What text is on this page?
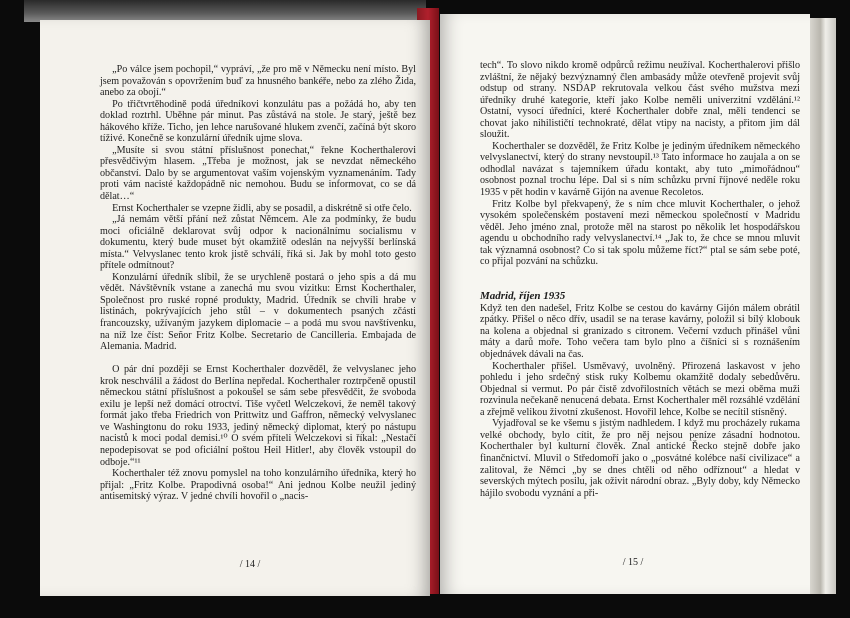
„Po válce jsem pochopil,“ vypráví, „že pro mě v Německu není místo. Byl jsem považován s opovržením buď za hnusného bankéře, nebo za zlého Žida, anebo za obojí.“

Po třičtvrtěhodině podá úředníkovi konzulátu pas a požádá ho, aby ten doklad roztrhl. Uběhne pár minut. Pas zůstává na stole. Je starý, ještě bez hákového kříže. Ticho, jen lehce narušované hlukem zvenčí, začíná být skoro tíživé. Konečně se konzulární úředník ujme slova.

„Musíte si svou státní příslušnost ponechat,“ řekne Kocherthalerovi přesvědčivým hlasem. „Třeba je možnost, jak se nevzdat německého občanství. Dalo by se argumentovat vaším vojenským vyznamenáním. Tady proti vám nacisté každopádně nic nemohou. Budu se informovat, co se dá dělat…“

Ernst Kocherthaler se vzepne židli, aby se posadil, a diskrétně si otře čelo.

„Já nemám větší přání než zůstat Němcem. Ale za podmínky, že budu moci oficiálně deklarovat svůj odpor k nacionálnímu socialismu v dokumentu, který bude muset být okamžitě odeslán na nejvyšší berlínská místa.“ Velvyslanec tento krok jistě schválí, říká si. Jak by mohl toto gesto přítele odmítnout?

Konzulární úředník slíbil, že se urychleně postará o jeho spis a dá mu vědět. Návštěvník vstane a zanechá mu svou vizitku: Ernst Kocherthaler, Společnost pro ruské ropné produkty, Madrid. Úředník se chvíli hrabe v listinách, pokrývajících jeho stůl – v dokumentech psaných zčásti francouzsky, užívaným jazykem diplomacie – a podá mu svou navštívenku, na níž lze číst: Señor Fritz Kolbe. Secretario de Cancilleria. Embajada de Alemania. Madrid.

O pár dní později se Ernst Kocherthaler dozvěděl, že velvyslanec jeho krok neschválil a žádost do Berlína nepředal. Kocherthaler roztrpčeně opustil německou státní příslušnost a pokoušel se sám sebe přesvědčit, že svoboda exilu je lepší než domácí otroctví. Tiše vyčetl Welczekovi, že neměl takový formát jako třeba Friedrich von Prittwitz und Gaffron, německý velvyslanec ve Washingtonu do roku 1933, jediný německý diplomat, který po nástupu nacistů k moci podal demisi.¹⁰ O svém příteli Welczekovi si říkal: „Nestačí nepodepisovat se pod oficiální poštou Heil Hitler!, aby člověk vstoupil do odboje.“¹¹

Kocherthaler též znovu pomyslel na toho konzulárního úředníka, který ho přijal: „Fritz Kolbe. Prapodivná osoba!“ Ani jednou Kolbe neužil jediný antisemitský výraz. V jedné chvíli hovořil o „nacis-

/ 14 /

tech“. To slovo nikdo kromě odpůrců režimu neužíval. Kocherthalerovi přišlo zvláštní, že nějaký bezvýznamný člen ambasády může otevřeně projevit svůj odstup od strany. NSDAP rekrutovala velkou část svého mužstva mezi úředníky druhé kategorie, kteří jako Kolbe neměli univerzitní vzdělání.¹² Ostatní, vysocí úředníci, které Kocherthaler dobře znal, měli tendenci se chovat jako nihilističtí technokraté, dělat vtipy na nacisty, a přitom jim dál sloužit.

Kocherthaler se dozvěděl, že Fritz Kolbe je jediným úředníkem německého velvyslanectví, který do strany nevstoupil.¹³ Tato informace ho zaujala a on se odhodlal navázat s tajemníkem úřadu kontakt, aby tuto „mimořádnou“ osobnost poznal trochu lépe. Dal si s ním schůzku první říjnové neděle roku 1935 v pět hodin v kavárně Gijón na avenue Recoletos.

Fritz Kolbe byl překvapený, že s ním chce mluvit Kocherthaler, o jehož vysokém společenském postavení mezi německou společností v Madridu věděl. Jeho jméno znal, protože měl na starost po několik let hospodářskou agendu u obchodního rady velvyslanectví.¹⁴ „Jak to, že chce se mnou mluvit tak významná osobnost? Co si tak spolu můžeme říct?“ ptal se sám sebe poté, co přijal pozvání na schůzku.

Madrid, říjen 1935

Když ten den nadešel, Fritz Kolbe se cestou do kavárny Gijón málem obrátil zpátky. Přišel o něco dřív, usadil se na terase kavárny, položil si bílý klobouk na kolena a objednal si granizado s citronem. Večerní vzduch přinášel vůni máty a darů moře. Toho večera tam bylo plno a číšníci si s roznášením objednávek dávali na čas.

Kocherthaler přišel. Usměvavý, uvolněný. Přirozená laskavost v jeho pohledu i jeho srdečný stisk ruky Kolbemu okamžitě dodaly sebedůvěru. Objednal si vermut. Po pár čistě zdvořilostních větách se mezi oběma muži rozvinula nečekaně nenucená debata. Ernst Kocherthaler měl rozsáhlé vzdělání a zřejmě velikou životní zkušenost. Hovořil lehce, Kolbe se necítil stísněný.

Vyjadřoval se ke všemu s jistým nadhledem. I když mu procházely rukama velké obchody, bylo cítit, že pro něj nejsou peníze zásadní hodnotou. Kocherthaler byl kulturní člověk. Znal antické Řecko stejně dobře jako finančnictví. Mluvil o Středomoří jako o „posvátné kolébce naší civilizace“ a zalitoval, že Němci „by se dnes chtěli od něho odříznout“ a hledat v severských mýtech posilu, jak oživit národní obraz. „Byly doby, kdy Německo hájilo svobodu vyznání a při-

/ 15 /
